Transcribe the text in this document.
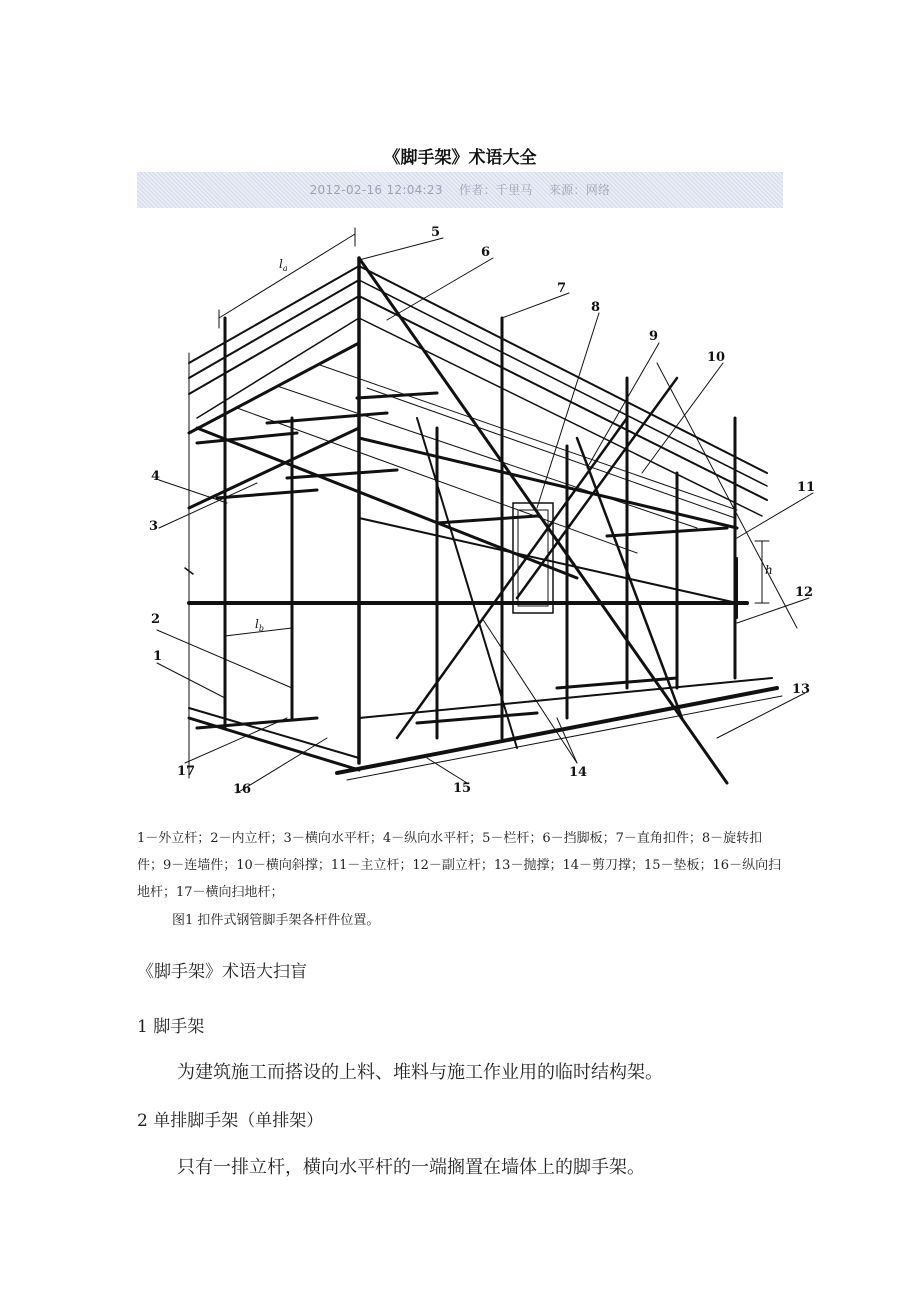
《脚手架》术语大全
2012-02-16 12:04:23 作者：千里马 来源：网络
1
2
3
4
5
6
7
8
9
10
11
12
13
14
15
16
17
$l_a$
$l_b$
h
1－外立杆；2－内立杆；3－横向水平杆；4－纵向水平杆；5－栏杆；6－挡脚板；7－直角扣件；8－旋转扣件；9－连墙件；10－横向斜撑；11－主立杆；12－副立杆；13－抛撑；14－剪刀撑；15－垫板；16－纵向扫地杆；17－横向扫地杆；
图1 扣件式钢管脚手架各杆件位置。
《脚手架》术语大扫盲
1 脚手架
为建筑施工而搭设的上料、堆料与施工作业用的临时结构架。
2 单排脚手架（单排架）
只有一排立杆，横向水平杆的一端搁置在墙体上的脚手架。
